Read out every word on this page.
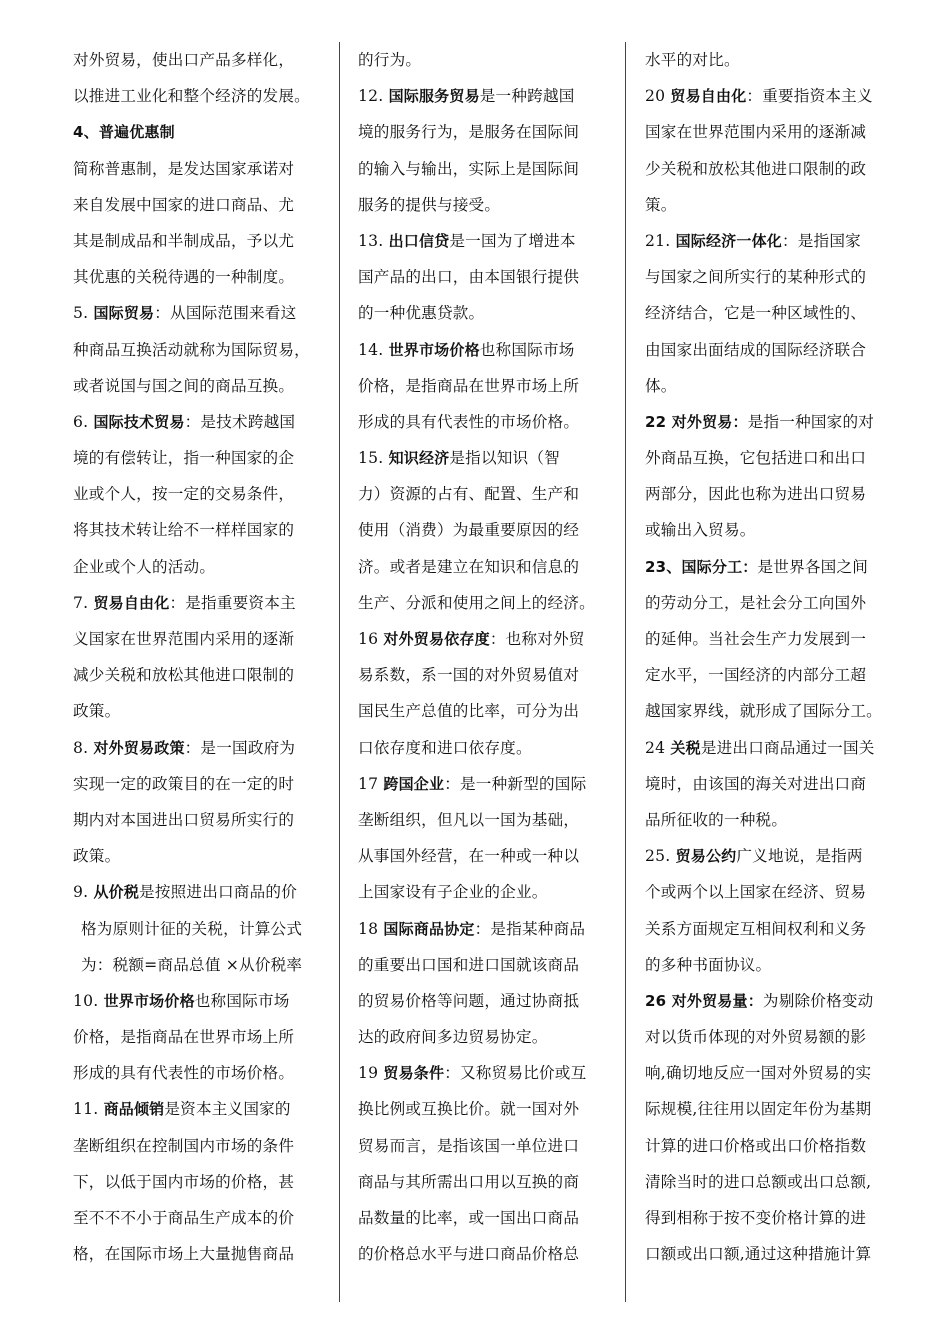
对外贸易，使出口产品多样化，
以推进工业化和整个经济的发展。
4、普遍优惠制
简称普惠制，是发达国家承诺对
来自发展中国家的进口商品、尤
其是制成品和半制成品，予以尤
其优惠的关税待遇的一种制度。
5. 国际贸易：从国际范围来看这
种商品互换活动就称为国际贸易，
或者说国与国之间的商品互换。
6. 国际技术贸易：是技术跨越国
境的有偿转让，指一种国家的企
业或个人，按一定的交易条件，
将其技术转让给不一样样国家的
企业或个人的活动。
7. 贸易自由化：是指重要资本主
义国家在世界范围内采用的逐渐
减少关税和放松其他进口限制的
政策。
8. 对外贸易政策：是一国政府为
实现一定的政策目的在一定的时
期内对本国进出口贸易所实行的
政策。
9. 从价税是按照进出口商品的价
格为原则计征的关税，计算公式
为：税额=商品总值 ×从价税率
10. 世界市场价格也称国际市场
价格，是指商品在世界市场上所
形成的具有代表性的市场价格。
11. 商品倾销是资本主义国家的
垄断组织在控制国内市场的条件
下，以低于国内市场的价格，甚
至不不不小于商品生产成本的价
格，在国际市场上大量抛售商品
的行为。
12. 国际服务贸易是一种跨越国
境的服务行为，是服务在国际间
的输入与输出，实际上是国际间
服务的提供与接受。
13. 出口信贷是一国为了增进本
国产品的出口，由本国银行提供
的一种优惠贷款。
14. 世界市场价格也称国际市场
价格，是指商品在世界市场上所
形成的具有代表性的市场价格。
15. 知识经济是指以知识（智
力）资源的占有、配置、生产和
使用（消费）为最重要原因的经
济。或者是建立在知识和信息的
生产、分派和使用之间上的经济。
16 对外贸易依存度：也称对外贸
易系数，系一国的对外贸易值对
国民生产总值的比率，可分为出
口依存度和进口依存度。
17 跨国企业：是一种新型的国际
垄断组织，但凡以一国为基础，
从事国外经营，在一种或一种以
上国家设有子企业的企业。
18 国际商品协定：是指某种商品
的重要出口国和进口国就该商品
的贸易价格等问题，通过协商抵
达的政府间多边贸易协定。
19 贸易条件：又称贸易比价或互
换比例或互换比价。就一国对外
贸易而言，是指该国一单位进口
商品与其所需出口用以互换的商
品数量的比率，或一国出口商品
的价格总水平与进口商品价格总
水平的对比。
20 贸易自由化：重要指资本主义
国家在世界范围内采用的逐渐减
少关税和放松其他进口限制的政
策。
21. 国际经济一体化：是指国家
与国家之间所实行的某种形式的
经济结合，它是一种区域性的、
由国家出面结成的国际经济联合
体。
22 对外贸易：是指一种国家的对
外商品互换，它包括进口和出口
两部分，因此也称为进出口贸易
或输出入贸易。
23、国际分工：是世界各国之间
的劳动分工，是社会分工向国外
的延伸。当社会生产力发展到一
定水平，一国经济的内部分工超
越国家界线，就形成了国际分工。
24 关税是进出口商品通过一国关
境时，由该国的海关对进出口商
品所征收的一种税。
25. 贸易公约广义地说，是指两
个或两个以上国家在经济、贸易
关系方面规定互相间权利和义务
的多种书面协议。
26 对外贸易量：为剔除价格变动
对以货币体现的对外贸易额的影
响,确切地反应一国对外贸易的实
际规模,往往用以固定年份为基期
计算的进口价格或出口价格指数
清除当时的进口总额或出口总额,
得到相称于按不变价格计算的进
口额或出口额,通过这种措施计算
